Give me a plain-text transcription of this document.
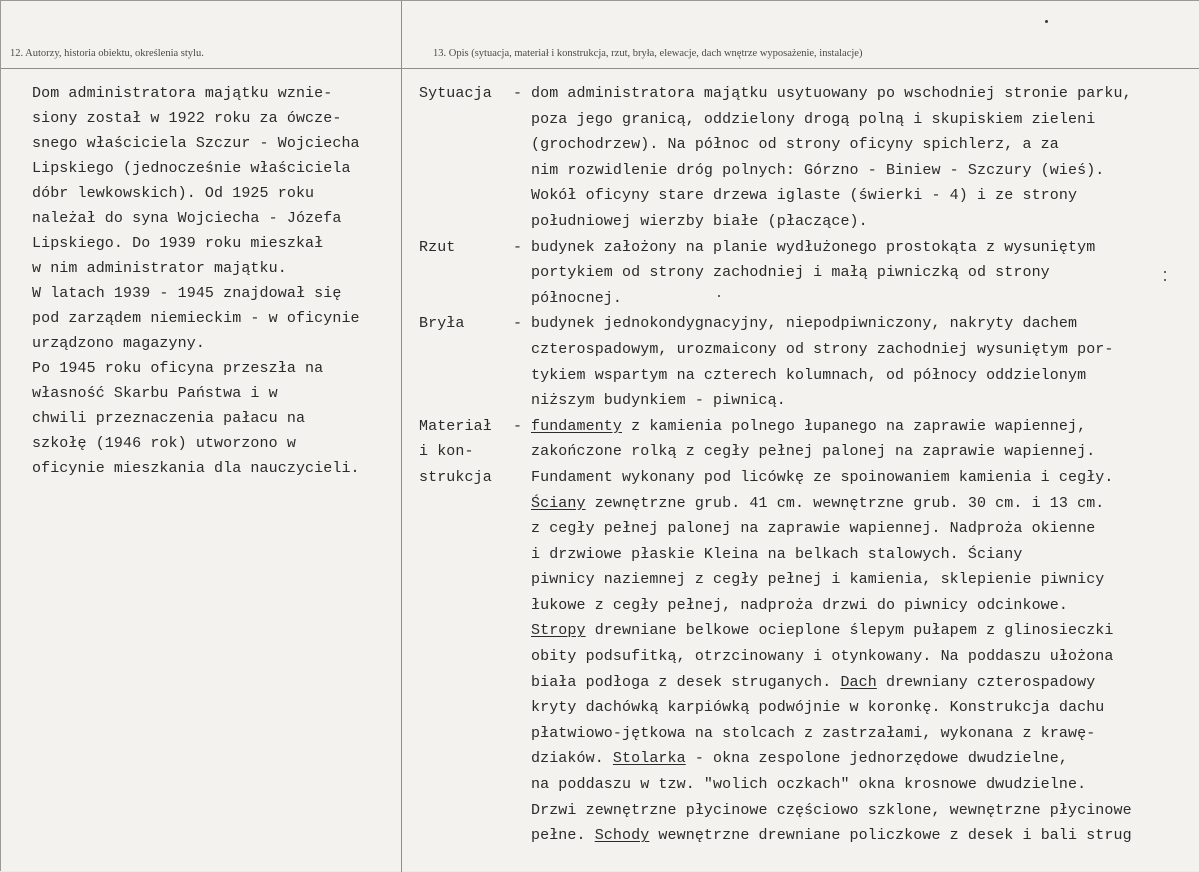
12. Autorzy, historia obiektu, określenia stylu.	13. Opis (sytuacja, materiał i konstrukcja, rzut, bryła, elewacje, dach wnętrze wyposażenie, instalacje)
Dom administratora majątku wznie-
siony został w 1922 roku za ówcze-
snego właściciela Szczur - Wojciecha
Lipskiego (jednocześnie właściciela
dóbr lewkowskich). Od 1925 roku
należał do syna Wojciecha - Józefa
Lipskiego. Do 1939 roku mieszkał
w nim administrator majątku.
W latach 1939 - 1945 znajdował się
pod zarządem niemieckim - w oficynie
urządzono magazyny.
Po 1945 roku oficyna przeszła na
własność Skarbu Państwa i w
chwili przeznaczenia pałacu na
szkołę (1946 rok) utworzono w
oficynie mieszkania dla nauczycieli.
Sytuacja - dom administratora majątku usytuowany po wschodniej stronie parku,
poza jego granicą, oddzielony drogą polną i skupiskiem zieleni
(grochodrzew). Na północ od strony oficyny spichlerz, a za
nim rozwidlenie dróg polnych: Górzno - Biniew - Szczury (wieś).
Wokół oficyny stare drzewa iglaste (świerki - 4) i ze strony
południowej wierzby białe (płaczące).
Rzut	- budynek założony na planie wydłużonego prostokąta z wysuniętym
portykiem od strony zachodniej i małą piwniczką od strony
północnej.
Bryła	- budynek jednokondygnacyjny, niepodpiwniczony, nakryty dachem
czterospadowym, urozmaicony od strony zachodniej wysuniętym por-
tykiem wspartym na czterech kolumnach, od północy oddzielonym
niższym budynkiem - piwnicą.
Materiał - fundamenty z kamienia polnego łupanego na zaprawie wapiennej,
i kon-	zakończone rolką z cegły pełnej palonej na zaprawie wapiennej.
strukcja	Fundament wykonany pod licówkę ze spoinowaniem kamienia i cegły.
Ściany zewnętrzne grub. 41 cm. wewnętrzne grub. 30 cm. i 13 cm.
z cegły pełnej palonej na zaprawie wapiennej. Nadproża okienne
i drzwiowe płaskie Kleina na belkach stalowych. Ściany
piwnicy naziemnej z cegły pełnej i kamienia, sklepienie piwnicy
łukowe z cegły pełnej, nadproża drzwi do piwnicy odcinkowe.
Stropy drewniane belkowe ocieplone ślepym pułapem z glinosieczki
obity podsufitką, otrzcinowany i otynkowany. Na poddaszu ułożona
biała podłoga z desek struganych. Dach drewniany czterospadowy
kryty dachówką karpiówką podwójnie w koronkę. Konstrukcja dachu
płatwiowo-jętkowa na stolcach z zastrzałami, wykonana z krawę-
dziaków. Stolarka - okna zespolone jednorzędowe dwudzielne,
na poddaszu w tzw. "wolich oczkach" okna krosnowe dwudzielne.
Drzwi zewnętrzne płycinowe częściowo szklone, wewnętrzne płycinowe
pełne. Schody wewnętrzne drewniane policzkowe z desek i bali strug
